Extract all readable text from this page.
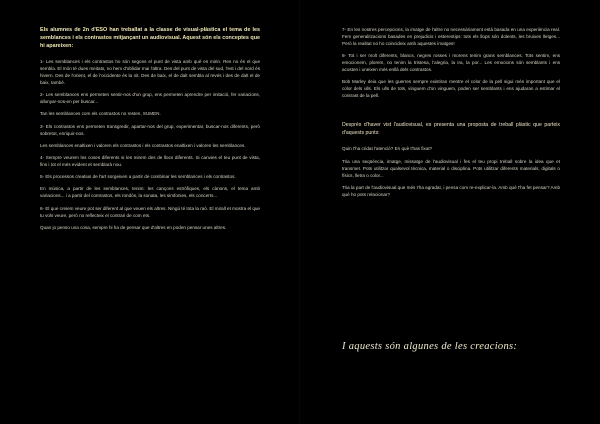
Els alumnes de 2n d'ESO han treballat a la classe de visual-plàstica el tema de les semblances i els contrastos mitjançant un audiovisual. Aquest són els conceptes que hi apareixen:

1- Les semblances i els contrastos ho són segons el punt de vista amb què es mirin. Res no és el que sembla. El món té dues meitats, no hem d'oblidar mai l'altra. Des del punt de vista del sud, l'est i del nord és hivern. Des de l'orient, el de l'occidente és la nit. Des de baix, el de dalt sembla al revés i des de dalt el de baix, també.

2- Les semblances ens permeten sentir-nos d'un grup, ens permeten aprendre per imitació, fer variacions, allunyar-nos-en per buscar...

Tan les semblances com els contrastos no resten, SUMEN.

3- Els contrastos ens permeten transgredir, apartar-nos del grup, experimentar, buscar-nos diferents, però sobretot, enriquir-nos.

Les semblances enaltixen i valoren els contrastos i els contrastos enaltixen i valoren les semblances.

4- Sempre veurem les coses diferents si les mirem des de llocs diferents. Si canvies el teu punt de vista, fins i tot el més evident et semblarà nou.

5- Els processos creatius de l'art sorgeixen a partir de combinar les semblances i els contrastos.

En música, a partir de les semblances, tenim: les cançons estròfiques, els cànons, el tema amb variacions... i a partir del contrastos, els rondós, la sonata, les simfonies, els concerts...

6- El que creiem veure pot ser diferent al que veuen els altres. Ningú té tota la raó. El mirall et mostra el que tu vols veure, però no reflecteix el contrari de com ets.

Quan jo penso una cosa, sempre hi ha de pensar que d'altres en poden pensar unes altres.

7- En les nostres percepcions, la imatge de l'altre no necessàriament està basada en una experiència real. Fem generalitzacions basades en prejudicis i estereotips: tots els llops són dolents, les bruixes lletges... Però la realitat no ho coincideix amb aquestes imatges!

8- Tot i ser molt diferents, blancs, negres rosses i morens tenim grans semblances. Tots sentim, ens emocionem, plorem, no tenim la tristesa, l'alegria, la ira, la por... Les emocions són semblants i ens acosten i uneixen més enllà dels contrastos.

Bob Marley deia que les guerres sempre existiran mentre el color de la pell sigui més important que el color dels ulls. Els ulls de tots, vinguem d'on vinguem, poden ser semblants i ens ajudaran a estimar el contrast de la pell.

Després d'haver vist l'audiovisual, es presenta una proposta de treball plàstic que parteix d'aquests punts:

Quin t'ha cridat l'atenció? En què t'has fixat?

Tria una seqüència, imatge, missatge de l'audiovisual i fes el teu propi treball sobre la idea que et transmet. Pots utilitzar qualsevol tècnica, material o disciplina. Pots utilitzar diferents materials, digitals o físics, lletra o color...

Tria la part de l'audiovisual que més t'ha agradat, i pensa com re-explicar-la. Amb què t'ha fet pensar? Amb què ho pots relacionar?

I aquests són algunes de les creacions:
